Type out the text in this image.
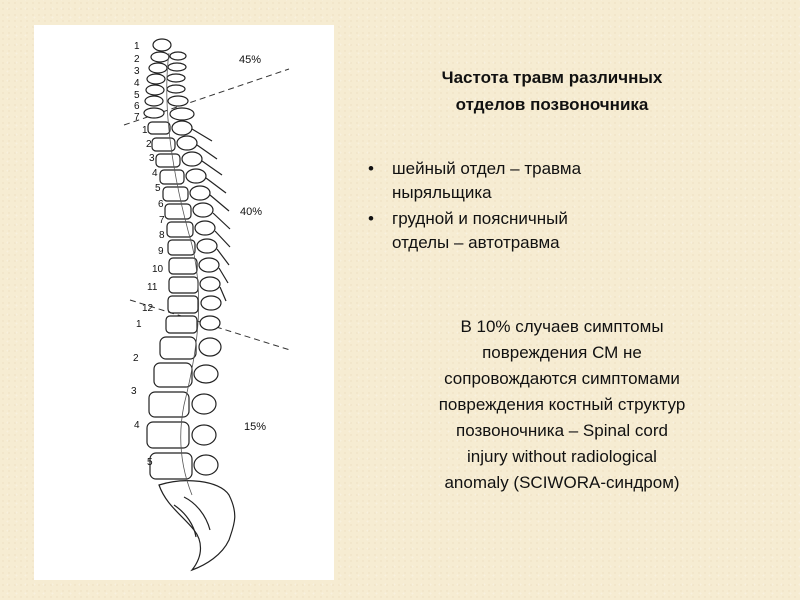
1
2
3
4
5
6
7
1
2
3
4
5
6
7
8
9
10
11
12
1
2
3
4
5
45%
40%
15%
Частота травм различных
отделов позвоночника
• шейный отдел – травма
ныряльщика
• грудной и поясничный
отделы – автотравма

В 10% случаев симптомы
повреждения СМ не
сопровождаются симптомами
повреждения костный структур
позвоночника – Spinal cord
injury without radiological
anomaly (SCIWORA-синдром)
